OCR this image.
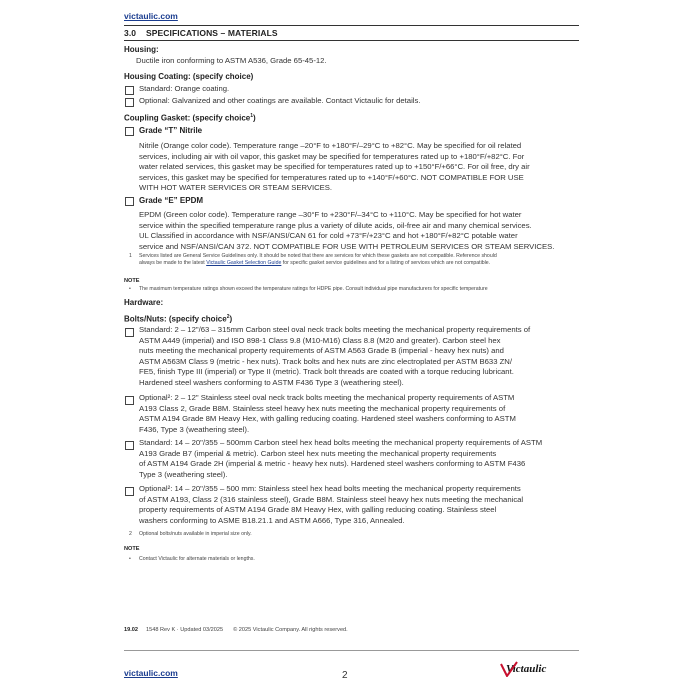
victaulic.com
3.0 SPECIFICATIONS – MATERIALS
Housing:
Ductile iron conforming to ASTM A536, Grade 65-45-12.
Housing Coating: (specify choice)
Standard: Orange coating.
Optional: Galvanized and other coatings are available. Contact Victaulic for details.
Coupling Gasket: (specify choice$^1$)
Grade “T” Nitrile
Nitrile (Orange color code). Temperature range –20°F to +180°F/–29°C to +82°C. May be specified for oil related
services, including air with oil vapor, this gasket may be specified for temperatures rated up to +180°F/+82°C. For
water related services, this gasket may be specified for temperatures rated up to +150°F/+66°C. For oil free, dry air
services, this gasket may be specified for temperatures rated up to +140°F/+60°C. NOT COMPATIBLE FOR USE
WITH HOT WATER SERVICES OR STEAM SERVICES.
Grade “E” EPDM
EPDM (Green color code). Temperature range –30°F to +230°F/–34°C to +110°C. May be specified for hot water
service within the specified temperature range plus a variety of dilute acids, oil-free air and many chemical services.
UL Classified in accordance with NSF/ANSI/CAN 61 for cold +73°F/+23°C and hot +180°F/+82°C potable water
service and NSF/ANSI/CAN 372. NOT COMPATIBLE FOR USE WITH PETROLEUM SERVICES OR STEAM SERVICES.
1 Services listed are General Service Guidelines only. It should be noted that there are services for which these gaskets are not compatible. Reference should
always be made to the latest Victaulic Gasket Selection Guide for specific gasket service guidelines and for a listing of services which are not compatible.
NOTE
• The maximum temperature ratings shown exceed the temperature ratings for HDPE pipe. Consult individual pipe manufacturers for specific temperature
Hardware:
Bolts/Nuts: (specify choice$^2$)
Standard: 2 – 12"/63 – 315mm Carbon steel oval neck track bolts meeting the mechanical property requirements of
ASTM A449 (imperial) and ISO 898-1 Class 9.8 (M10-M16) Class 8.8 (M20 and greater). Carbon steel hex
nuts meeting the mechanical property requirements of ASTM A563 Grade B (imperial - heavy hex nuts) and
ASTM A563M Class 9 (metric - hex nuts). Track bolts and hex nuts are zinc electroplated per ASTM B633 ZN/
FE5, finish Type III (imperial) or Type II (metric). Track bolt threads are coated with a torque reducing lubricant.
Hardened steel washers conforming to ASTM F436 Type 3 (weathering steel).
Optional²: 2 – 12" Stainless steel oval neck track bolts meeting the mechanical property requirements of ASTM
A193 Class 2, Grade B8M. Stainless steel heavy hex nuts meeting the mechanical property requirements of
ASTM A194 Grade 8M Heavy Hex, with galling reducing coating. Hardened steel washers conforming to ASTM
F436, Type 3 (weathering steel).
Standard: 14 – 20"/355 – 500mm Carbon steel hex head bolts meeting the mechanical property requirements of ASTM
A193 Grade B7 (imperial & metric). Carbon steel hex nuts meeting the mechanical property requirements
of ASTM A194 Grade 2H (imperial & metric - heavy hex nuts). Hardened steel washers conforming to ASTM F436
Type 3 (weathering steel).
Optional²: 14 – 20"/355 – 500 mm: Stainless steel hex head bolts meeting the mechanical property requirements
of ASTM A193, Class 2 (316 stainless steel), Grade B8M. Stainless steel heavy hex nuts meeting the mechanical
property requirements of ASTM A194 Grade 8M Heavy Hex, with galling reducing coating. Stainless steel
washers conforming to ASME B18.21.1 and ASTM A666, Type 316, Annealed.
2 Optional bolts/nuts available in imperial size only.
NOTE
• Contact Victaulic for alternate materials or lengths.
19.02 1548 Rev K · Updated 03/2025 © 2025 Victaulic Company. All rights reserved.
victaulic.com	2
Victaulic
